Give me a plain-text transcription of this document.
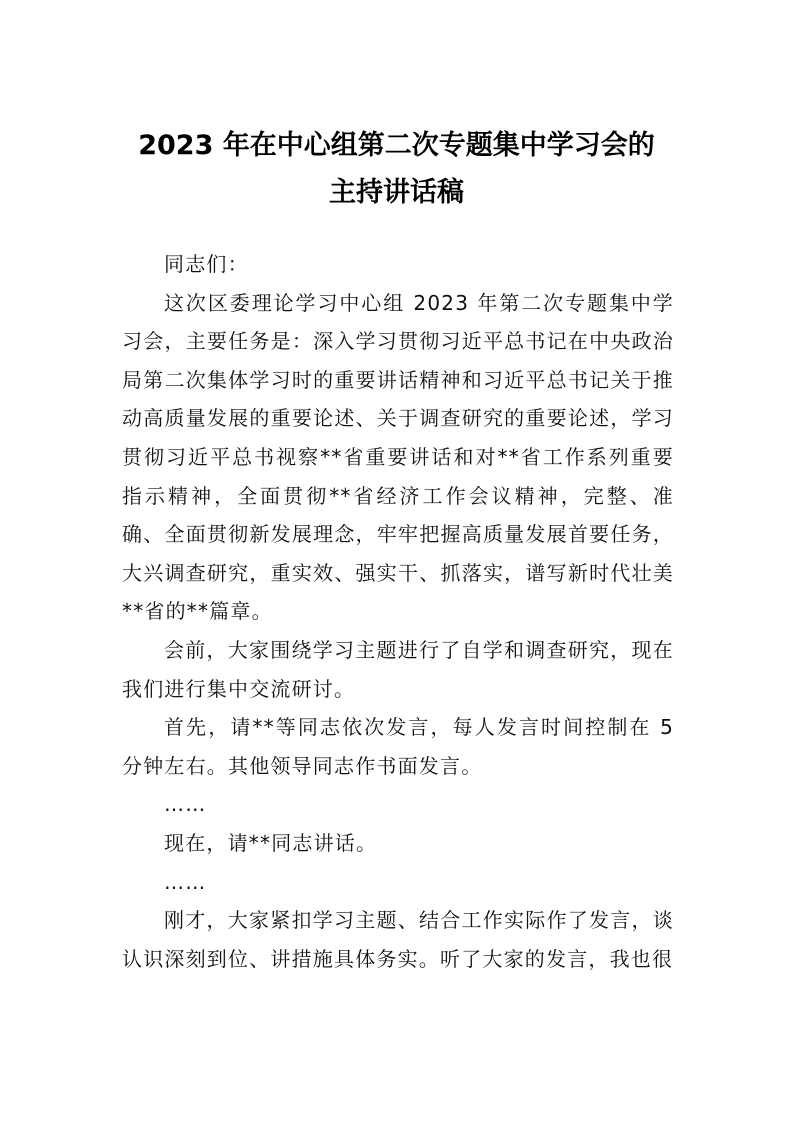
2023 年在中心组第二次专题集中学习会的
主持讲话稿

同志们：

这次区委理论学习中心组 2023 年第二次专题集中学习会，主要任务是：深入学习贯彻习近平总书记在中央政治局第二次集体学习时的重要讲话精神和习近平总书记关于推动高质量发展的重要论述、关于调查研究的重要论述，学习贯彻习近平总书视察**省重要讲话和对**省工作系列重要指示精神，全面贯彻**省经济工作会议精神，完整、准确、全面贯彻新发展理念，牢牢把握高质量发展首要任务，大兴调查研究，重实效、强实干、抓落实，谱写新时代壮美**省的**篇章。

会前，大家围绕学习主题进行了自学和调查研究，现在我们进行集中交流研讨。

首先，请**等同志依次发言，每人发言时间控制在 5 分钟左右。其他领导同志作书面发言。

……

现在，请**同志讲话。

……

刚才，大家紧扣学习主题、结合工作实际作了发言，谈认识深刻到位、讲措施具体务实。听了大家的发言，我也很
